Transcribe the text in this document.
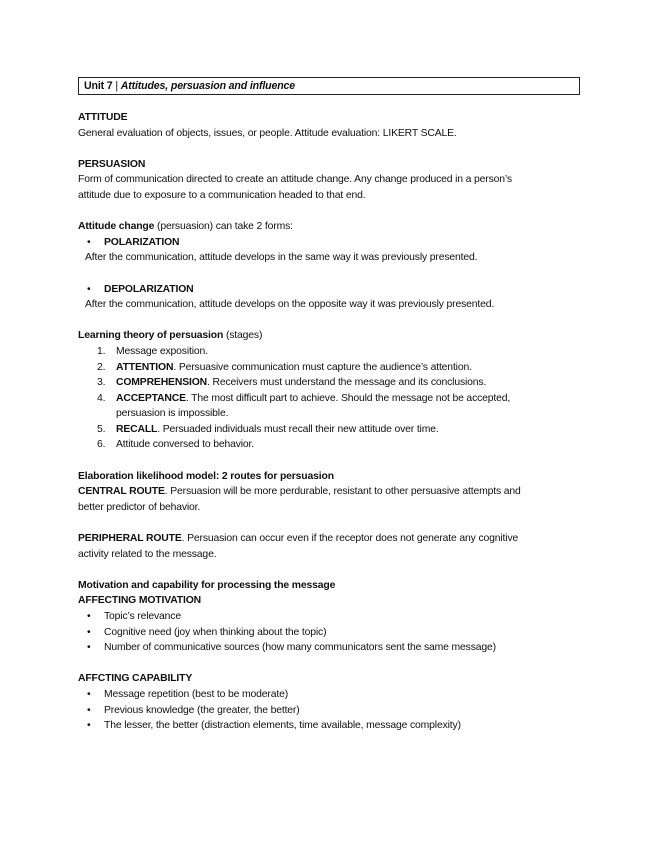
Unit 7 | Attitudes, persuasion and influence
ATTITUDE
General evaluation of objects, issues, or people. Attitude evaluation: LIKERT SCALE.
PERSUASION
Form of communication directed to create an attitude change. Any change produced in a person’s
attitude due to exposure to a communication headed to that end.
Attitude change (persuasion) can take 2 forms:
• POLARIZATION
After the communication, attitude develops in the same way it was previously presented.
• DEPOLARIZATION
After the communication, attitude develops on the opposite way it was previously presented.
Learning theory of persuasion (stages)
1. Message exposition.
2. ATTENTION. Persuasive communication must capture the audience’s attention.
3. COMPREHENSION. Receivers must understand the message and its conclusions.
4. ACCEPTANCE. The most difficult part to achieve. Should the message not be accepted,
persuasion is impossible.
5. RECALL. Persuaded individuals must recall their new attitude over time.
6. Attitude conversed to behavior.
Elaboration likelihood model: 2 routes for persuasion
CENTRAL ROUTE. Persuasion will be more perdurable, resistant to other persuasive attempts and
better predictor of behavior.
PERIPHERAL ROUTE. Persuasion can occur even if the receptor does not generate any cognitive
activity related to the message.
Motivation and capability for processing the message
AFFECTING MOTIVATION
• Topic’s relevance
• Cognitive need (joy when thinking about the topic)
• Number of communicative sources (how many communicators sent the same message)
AFFCTING CAPABILITY
• Message repetition (best to be moderate)
• Previous knowledge (the greater, the better)
• The lesser, the better (distraction elements, time available, message complexity)
